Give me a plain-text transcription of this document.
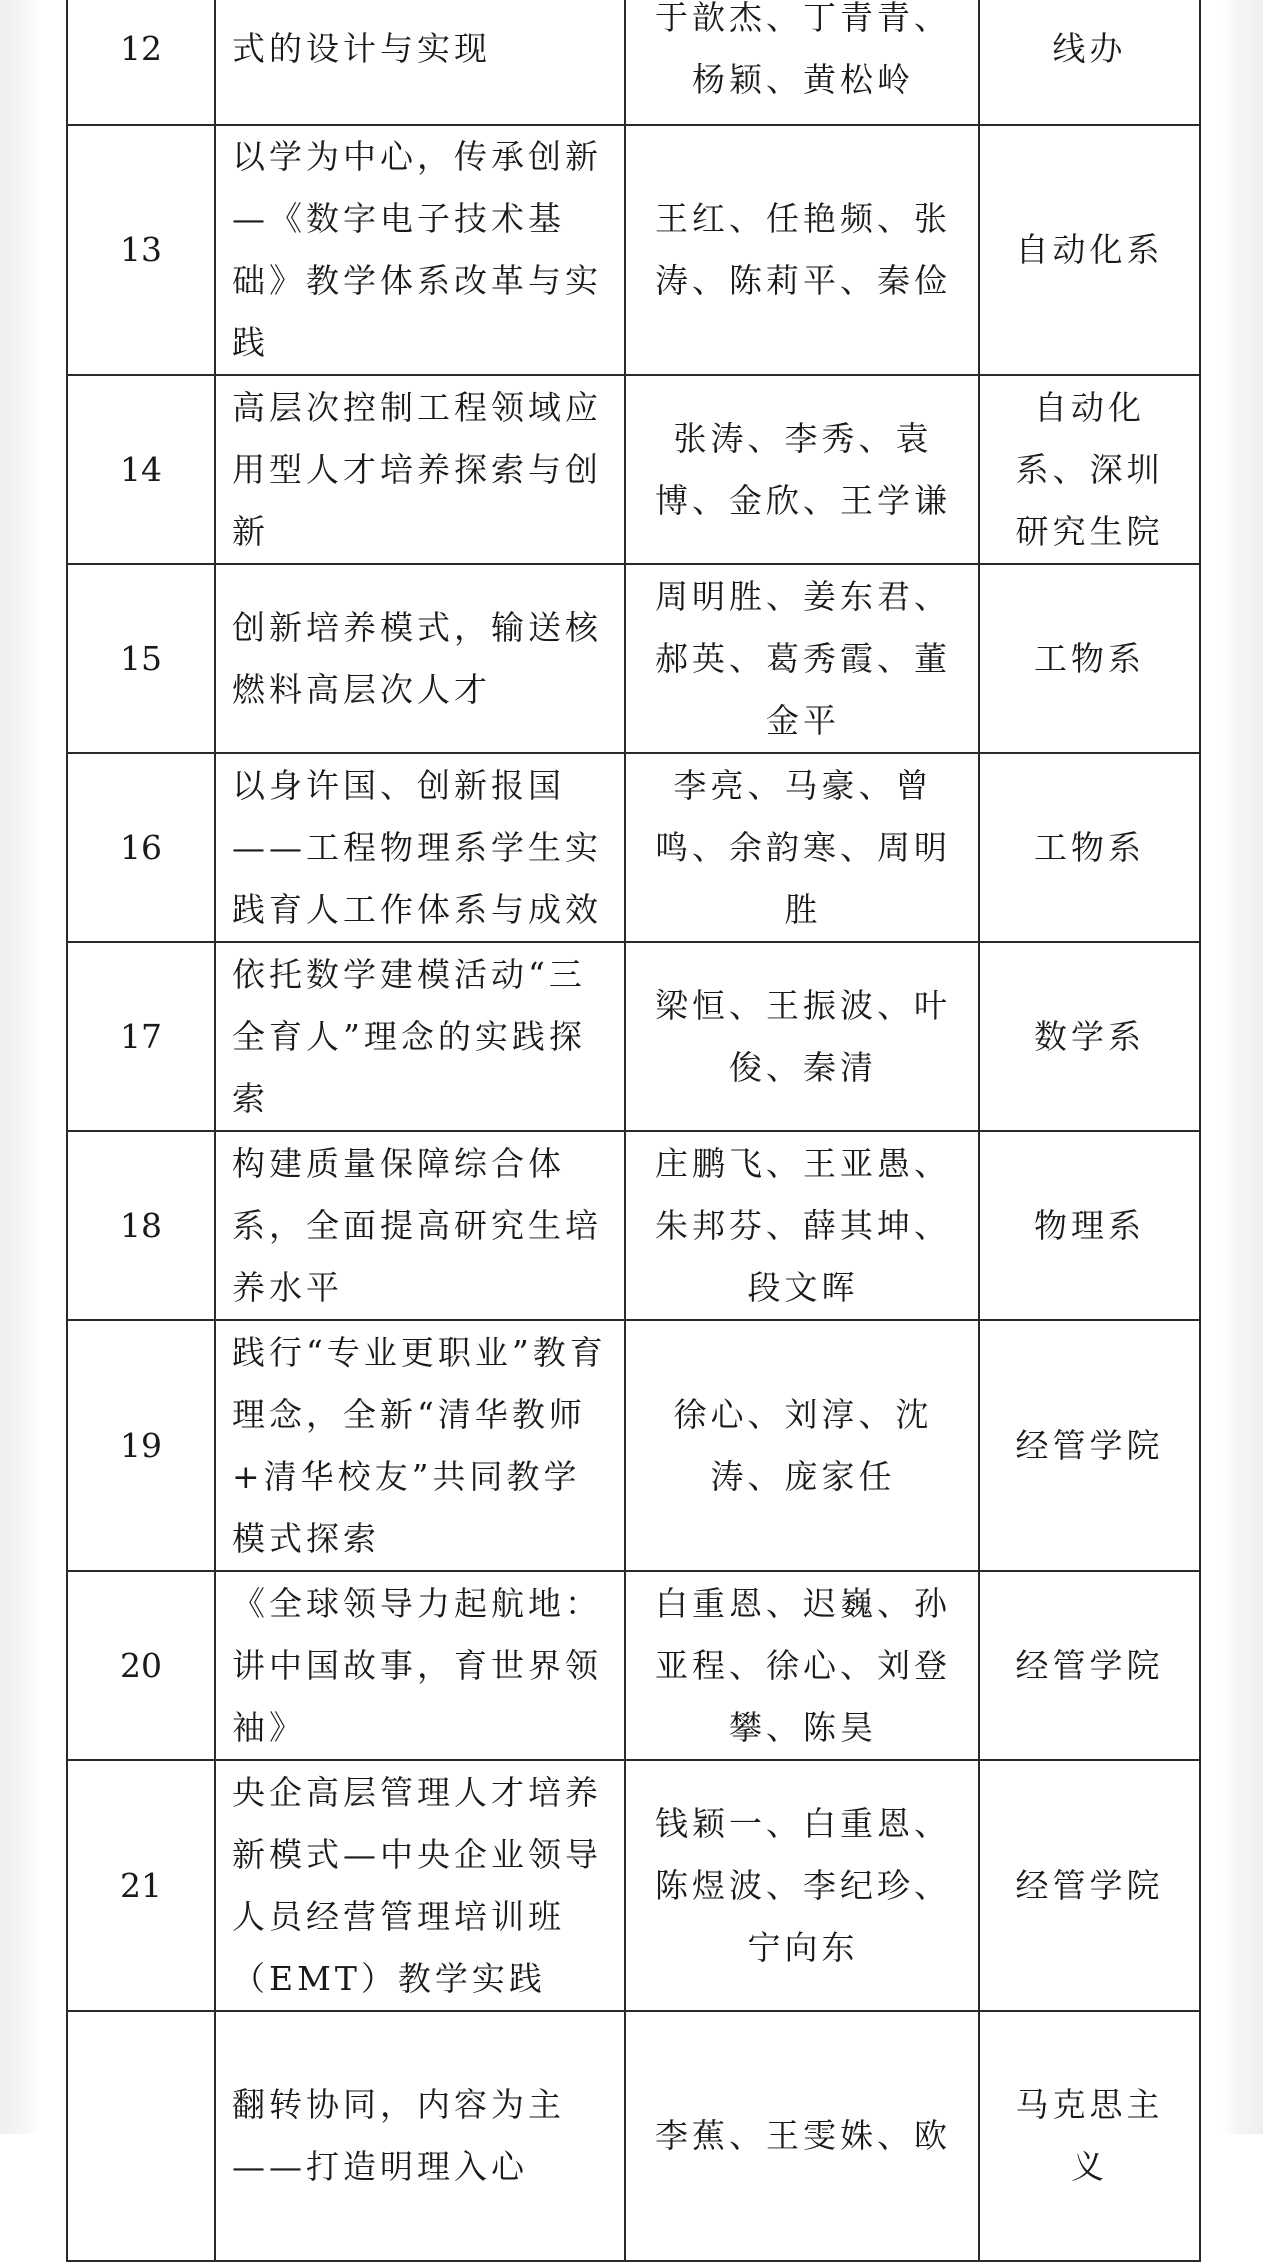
12	式的设计与实现	于歆杰、丁青青、杨颖、黄松岭	线办
13	以学为中心，传承创新—《数字电子技术基础》教学体系改革与实践	王红、任艳频、张涛、陈莉平、秦俭	自动化系
14	高层次控制工程领域应用型人才培养探索与创新	张涛、李秀、袁博、金欣、王学谦	自动化系、深圳研究生院
15	创新培养模式，输送核燃料高层次人才	周明胜、姜东君、郝英、葛秀霞、董金平	工物系
16	以身许国、创新报国——工程物理系学生实践育人工作体系与成效	李亮、马豪、曾鸣、余韵寒、周明胜	工物系
17	依托数学建模活动“三全育人”理念的实践探索	梁恒、王振波、叶俊、秦清	数学系
18	构建质量保障综合体系，全面提高研究生培养水平	庄鹏飞、王亚愚、朱邦芬、薛其坤、段文晖	物理系
19	践行“专业更职业”教育理念，全新“清华教师+清华校友”共同教学模式探索	徐心、刘淳、沈涛、庞家任	经管学院
20	《全球领导力起航地：讲中国故事，育世界领袖》	白重恩、迟巍、孙亚程、徐心、刘登攀、陈昊	经管学院
21	央企高层管理人才培养新模式—中央企业领导人员经营管理培训班（EMT）教学实践	钱颖一、白重恩、陈煜波、李纪珍、宁向东	经管学院
	翻转协同，内容为主——打造明理入心	李蕉、王雯姝、欧	马克思主义
